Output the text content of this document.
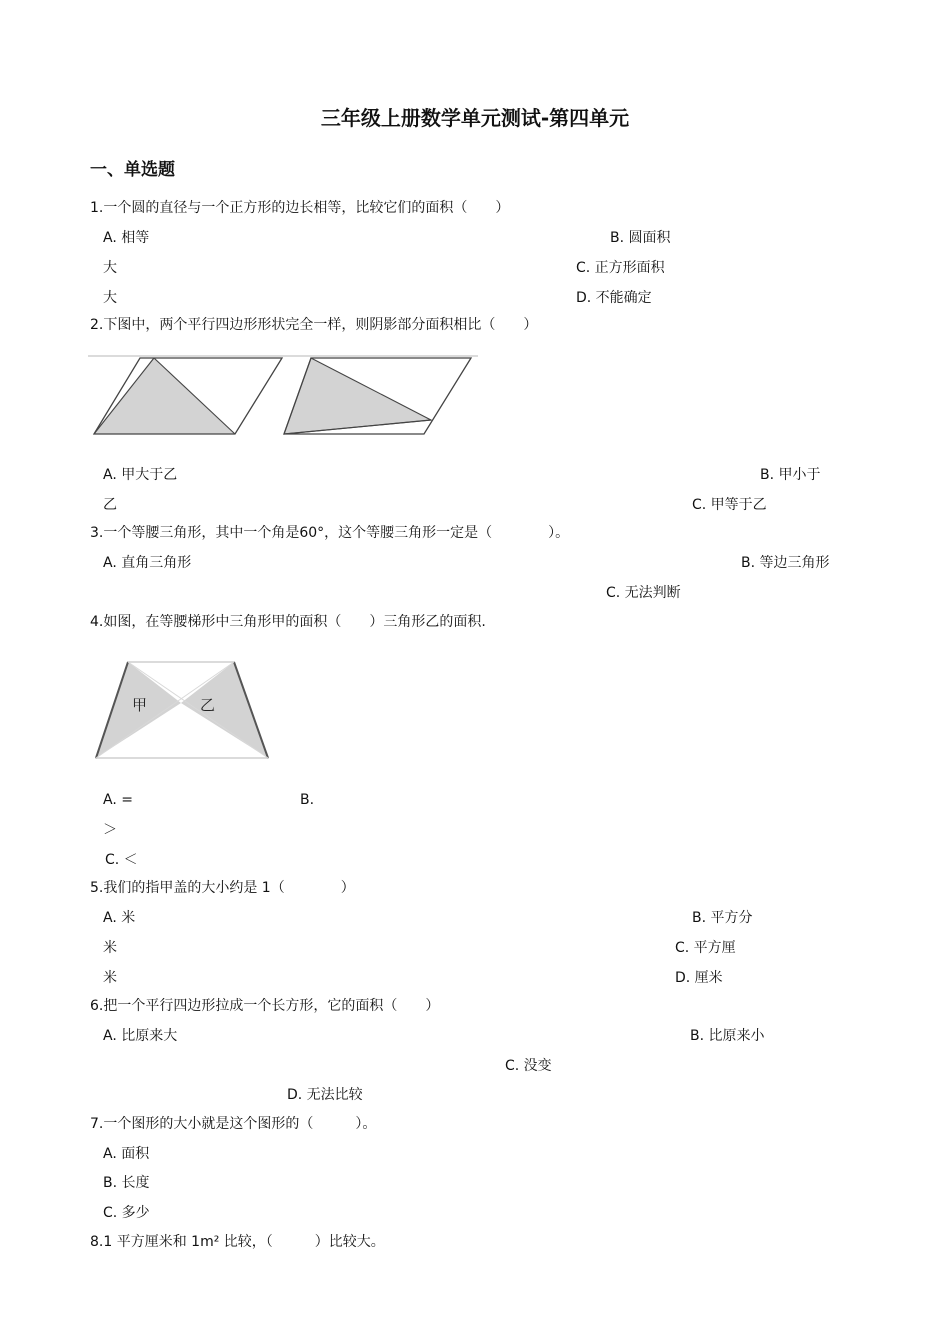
三年级上册数学单元测试-第四单元
一、单选题
1.一个圆的直径与一个正方形的边长相等，比较它们的面积（　　）
2.下图中，两个平行四边形形状完全一样，则阴影部分面积相比（　　）
3.一个等腰三角形，其中一个角是60°，这个等腰三角形一定是（　　　　）。
4.如图，在等腰梯形中三角形甲的面积（　　）三角形乙的面积.
5.我们的指甲盖的大小约是 1（　　　　）
6.把一个平行四边形拉成一个长方形，它的面积（　　）
7.一个图形的大小就是这个图形的（　　　）。
8.1 平方厘米和 1m² 比较，（　　　）比较大。
A. 相等	B. 圆面积
大	C. 正方形面积
大	D. 不能确定
A. 甲大于乙	B. 甲小于
乙	C. 甲等于乙
A. 直角三角形	B. 等边三角形
C. 无法判断
A. =	B.
＞
C. ＜
A. 米	B. 平方分
米	C. 平方厘
米	D. 厘米
A. 比原来大	B. 比原来小
C. 没变
D. 无法比较
A. 面积
B. 长度
C. 多少
甲	乙
